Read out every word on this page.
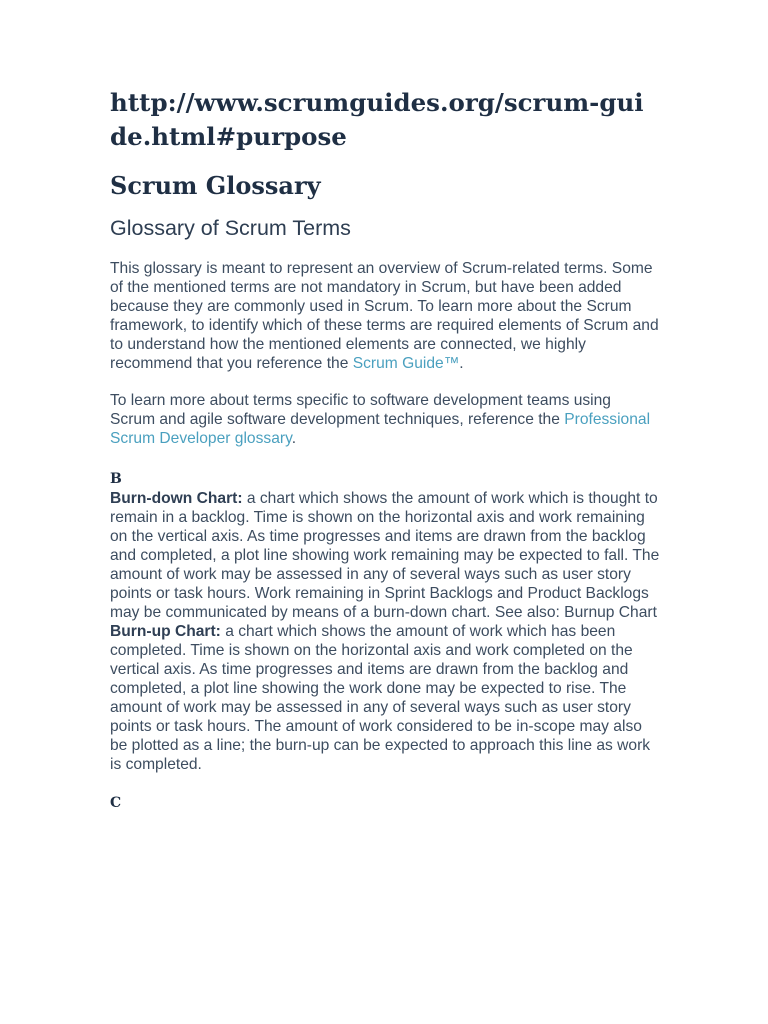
http://www.scrumguides.org/scrum-guide.html#purpose
Scrum Glossary
Glossary of Scrum Terms

This glossary is meant to represent an overview of Scrum-related terms. Some of the mentioned terms are not mandatory in Scrum, but have been added because they are commonly used in Scrum. To learn more about the Scrum framework, to identify which of these terms are required elements of Scrum and to understand how the mentioned elements are connected, we highly recommend that you reference the Scrum Guide™.

To learn more about terms specific to software development teams using Scrum and agile software development techniques, reference the Professional Scrum Developer glossary.

B

Burn-down Chart: a chart which shows the amount of work which is thought to remain in a backlog. Time is shown on the horizontal axis and work remaining on the vertical axis. As time progresses and items are drawn from the backlog and completed, a plot line showing work remaining may be expected to fall. The amount of work may be assessed in any of several ways such as user story points or task hours. Work remaining in Sprint Backlogs and Product Backlogs may be communicated by means of a burn-down chart. See also: Burnup Chart

Burn-up Chart: a chart which shows the amount of work which has been completed. Time is shown on the horizontal axis and work completed on the vertical axis. As time progresses and items are drawn from the backlog and completed, a plot line showing the work done may be expected to rise. The amount of work may be assessed in any of several ways such as user story points or task hours. The amount of work considered to be in-scope may also be plotted as a line; the burn-up can be expected to approach this line as work is completed.

C
